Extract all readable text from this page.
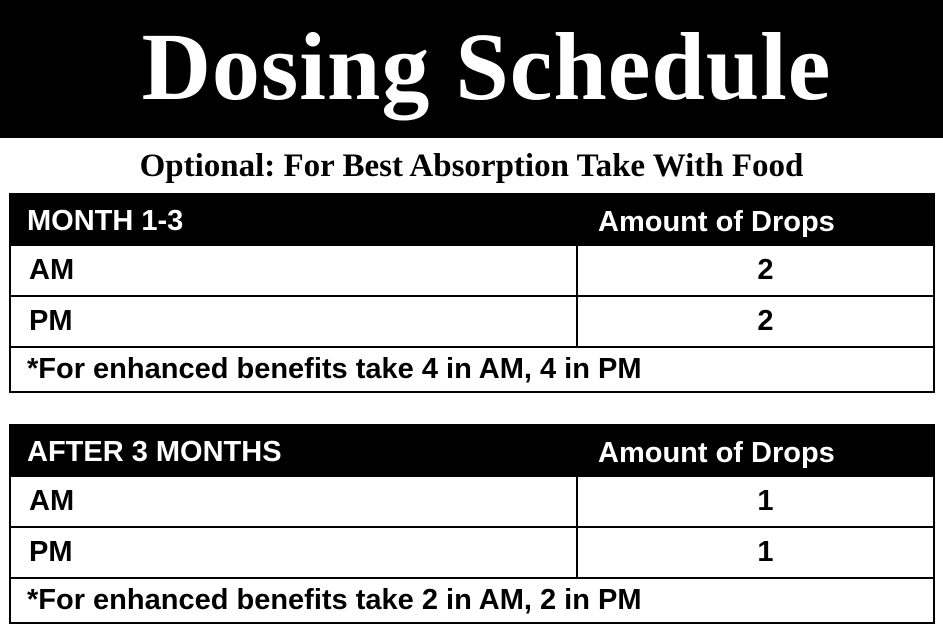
Dosing Schedule
Optional: For Best Absorption Take With Food
MONTH 1-3	Amount of Drops
AM	2
PM	2
*For enhanced benefits take 4 in AM, 4 in PM
AFTER 3 MONTHS	Amount of Drops
AM	1
PM	1
*For enhanced benefits take 2 in AM, 2 in PM
